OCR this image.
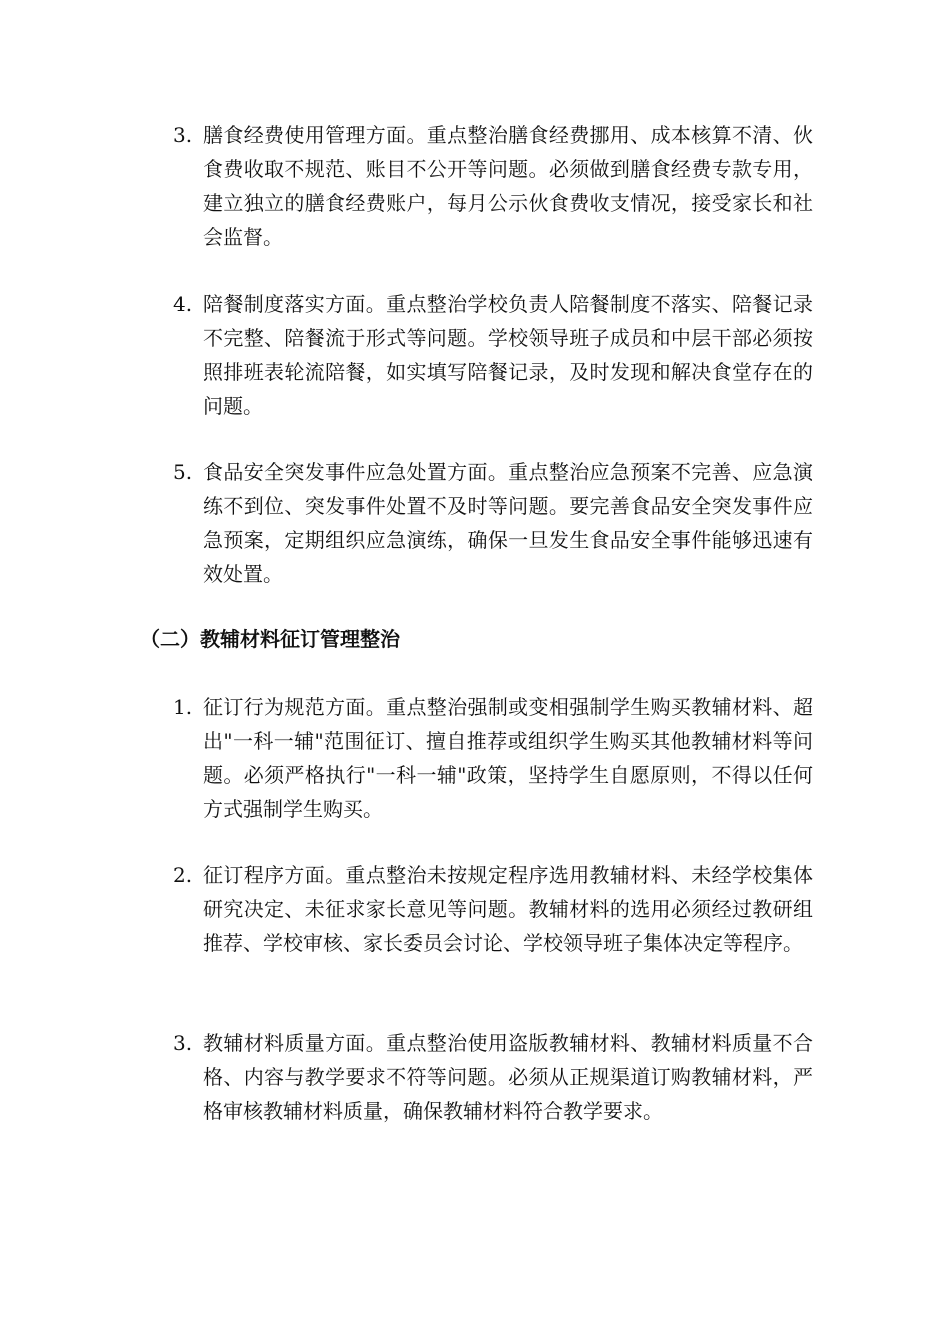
3. 膳食经费使用管理方面。重点整治膳食经费挪用、成本核算不清、伙食费收取不规范、账目不公开等问题。必须做到膳食经费专款专用，建立独立的膳食经费账户，每月公示伙食费收支情况，接受家长和社会监督。
4. 陪餐制度落实方面。重点整治学校负责人陪餐制度不落实、陪餐记录不完整、陪餐流于形式等问题。学校领导班子成员和中层干部必须按照排班表轮流陪餐，如实填写陪餐记录，及时发现和解决食堂存在的问题。
5. 食品安全突发事件应急处置方面。重点整治应急预案不完善、应急演练不到位、突发事件处置不及时等问题。要完善食品安全突发事件应急预案，定期组织应急演练，确保一旦发生食品安全事件能够迅速有效处置。
（二）教辅材料征订管理整治
1. 征订行为规范方面。重点整治强制或变相强制学生购买教辅材料、超出"一科一辅"范围征订、擅自推荐或组织学生购买其他教辅材料等问题。必须严格执行"一科一辅"政策，坚持学生自愿原则，不得以任何方式强制学生购买。
2. 征订程序方面。重点整治未按规定程序选用教辅材料、未经学校集体研究决定、未征求家长意见等问题。教辅材料的选用必须经过教研组推荐、学校审核、家长委员会讨论、学校领导班子集体决定等程序。
3. 教辅材料质量方面。重点整治使用盗版教辅材料、教辅材料质量不合格、内容与教学要求不符等问题。必须从正规渠道订购教辅材料，严格审核教辅材料质量，确保教辅材料符合教学要求。
